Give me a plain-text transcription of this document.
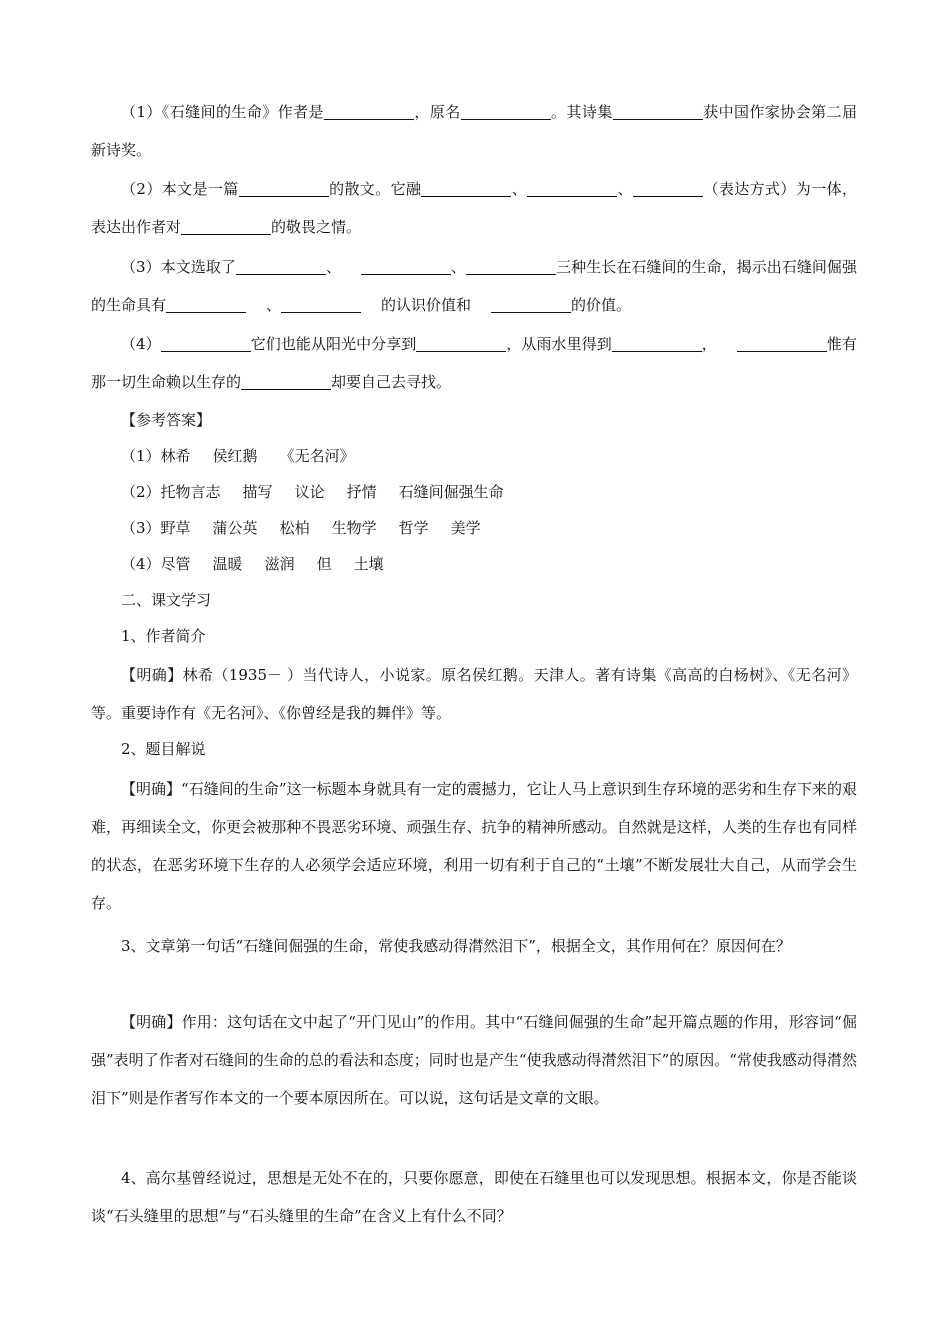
（1）《石缝间的生命》作者是	，原名	。其诗集	获中国作家协会第二届新诗奖。

（2）本文是一篇	的散文。它融	、	、	（表达方式）为一体，表达出作者对	的敬畏之情。

（3）本文选取了	、	、	三种生长在石缝间的生命，揭示出石缝间倔强的生命具有	、	的认识价值和	的价值。

（4）	它们也能从阳光中分享到	，从雨水里得到	，	惟有那一切生命赖以生存的	却要自己去寻找。

【参考答案】

（1）林希 侯红鹅 《无名河》

（2）托物言志 描写 议论 抒情 石缝间倔强生命

（3）野草 蒲公英 松柏 生物学 哲学 美学

（4）尽管 温暖 滋润 但 土壤

二、课文学习

1、作者简介

【明确】林希（1935－ ）当代诗人，小说家。原名侯红鹅。天津人。著有诗集《高高的白杨树》、《无名河》等。重要诗作有《无名河》、《你曾经是我的舞伴》等。

2、题目解说

【明确】“石缝间的生命”这一标题本身就具有一定的震撼力，它让人马上意识到生存环境的恶劣和生存下来的艰难，再细读全文，你更会被那种不畏恶劣环境、顽强生存、抗争的精神所感动。自然就是这样，人类的生存也有同样的状态，在恶劣环境下生存的人必须学会适应环境，利用一切有利于自己的“土壤”不断发展壮大自己，从而学会生存。

3、文章第一句话“石缝间倔强的生命，常使我感动得潸然泪下”，根据全文，其作用何在？原因何在？

【明确】作用：这句话在文中起了“开门见山”的作用。其中“石缝间倔强的生命”起开篇点题的作用，形容词“倔强”表明了作者对石缝间的生命的总的看法和态度；同时也是产生“使我感动得潸然泪下”的原因。“常使我感动得潸然泪下”则是作者写作本文的一个要本原因所在。可以说，这句话是文章的文眼。

4、高尔基曾经说过，思想是无处不在的，只要你愿意，即使在石缝里也可以发现思想。根据本文，你是否能谈谈“石头缝里的思想”与“石头缝里的生命”在含义上有什么不同？
